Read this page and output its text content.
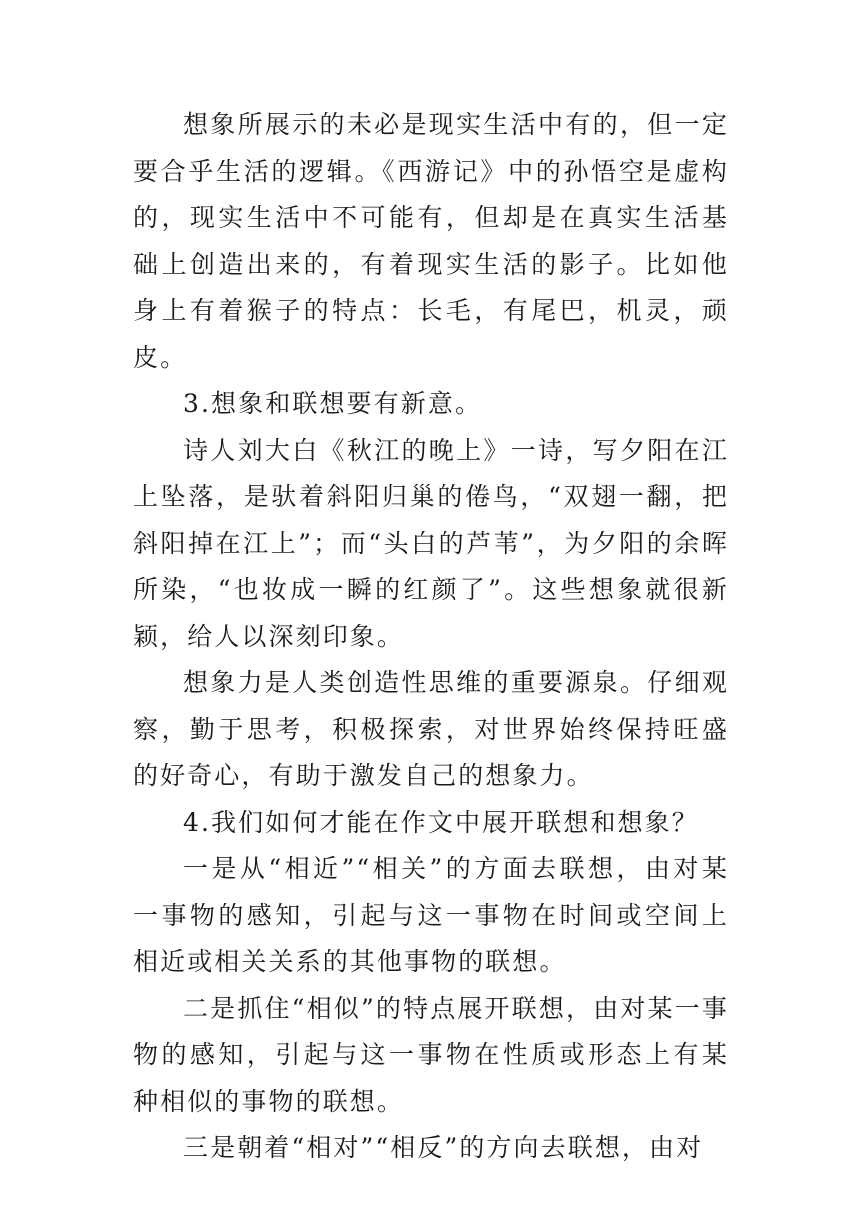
想象所展示的未必是现实生活中有的，但一定要合乎生活的逻辑。《西游记》中的孙悟空是虚构的，现实生活中不可能有，但却是在真实生活基础上创造出来的，有着现实生活的影子。比如他身上有着猴子的特点：长毛，有尾巴，机灵，顽皮。

3.想象和联想要有新意。

诗人刘大白《秋江的晚上》一诗，写夕阳在江上坠落，是驮着斜阳归巢的倦鸟，“双翅一翻，把斜阳掉在江上”；而“头白的芦苇”，为夕阳的余晖所染，“也妆成一瞬的红颜了”。这些想象就很新颖，给人以深刻印象。

想象力是人类创造性思维的重要源泉。仔细观察，勤于思考，积极探索，对世界始终保持旺盛的好奇心，有助于激发自己的想象力。

4.我们如何才能在作文中展开联想和想象？

一是从“相近”“相关”的方面去联想，由对某一事物的感知，引起与这一事物在时间或空间上相近或相关关系的其他事物的联想。

二是抓住“相似”的特点展开联想，由对某一事物的感知，引起与这一事物在性质或形态上有某种相似的事物的联想。

三是朝着“相对”“相反”的方向去联想，由对
